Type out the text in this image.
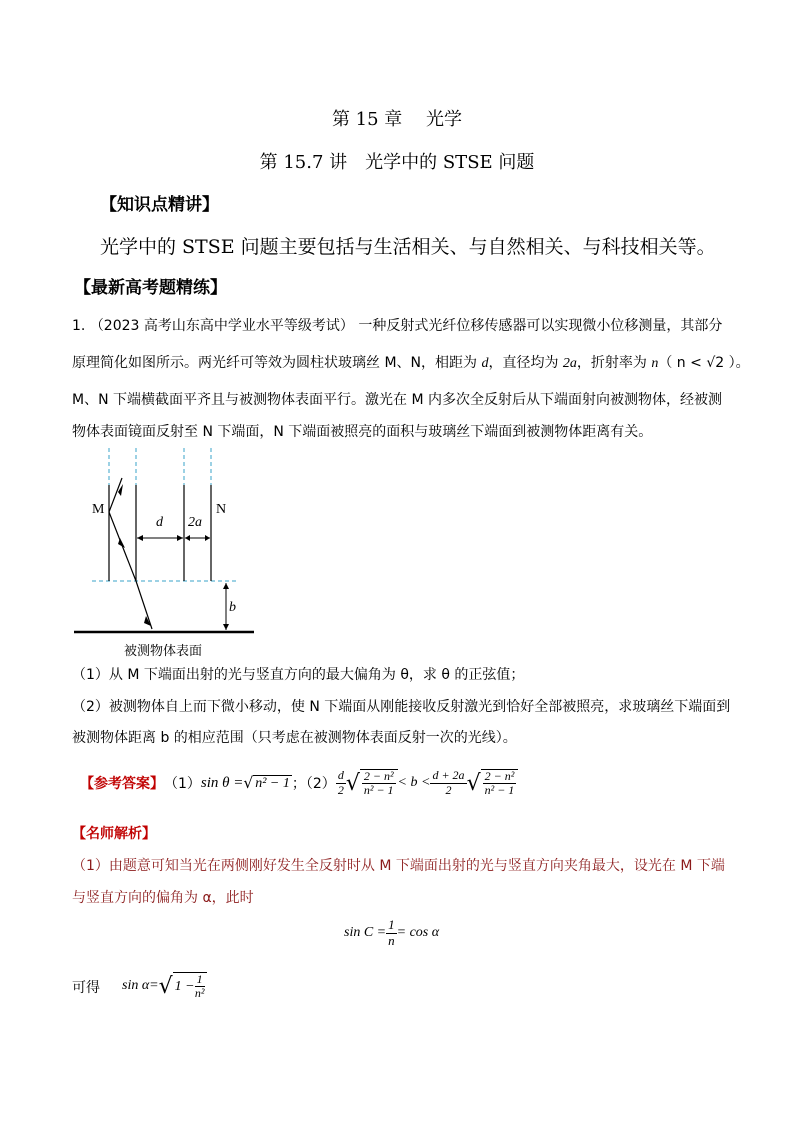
第 15 章　 光学
第 15.7 讲　光学中的 STSE 问题
【知识点精讲】
光学中的 STSE 问题主要包括与生活相关、与自然相关、与科技相关等。
【最新高考题精练】
1. （2023 高考山东高中学业水平等级考试） 一种反射式光纤位移传感器可以实现微小位移测量，其部分
原理简化如图所示。两光纤可等效为圆柱状玻璃丝 M、N，相距为 d，直径均为 2a，折射率为 n（ n < √2 ）。
M、N 下端横截面平齐且与被测物体表面平行。激光在 M 内多次全反射后从下端面射向被测物体，经被测
物体表面镜面反射至 N 下端面，N 下端面被照亮的面积与玻璃丝下端面到被测物体距离有关。
M	N
d 2a
b
被测物体表面
（1）从 M 下端面出射的光与竖直方向的最大偏角为 θ，求 θ 的正弦值；
（2）被测物体自上而下微小移动，使 N 下端面从刚能接收反射激光到恰好全部被照亮，求玻璃丝下端面到
被测物体距离 b 的相应范围（只考虑在被测物体表面反射一次的光线）。
【参考答案】 （1） sin θ = √ n² − 1 ；$(2) \frac{d}{2}$ √ $\frac{\text{2 − n²}}{\text{n² − 1}} < b < \frac{d + 2a}{2}$ √ $\frac{\text{2 − n²}}{\text{n² − 1}}$
【名师解析】
（1）由题意可知当光在两侧刚好发生全反射时从 M 下端面出射的光与竖直方向夹角最大，设光在 M 下端
与竖直方向的偏角为 α，此时
$\sin C = \frac{1}{n} = \cos \alpha$
可得 sin α= √ $1 - \frac{1}{\text{n²}}$
